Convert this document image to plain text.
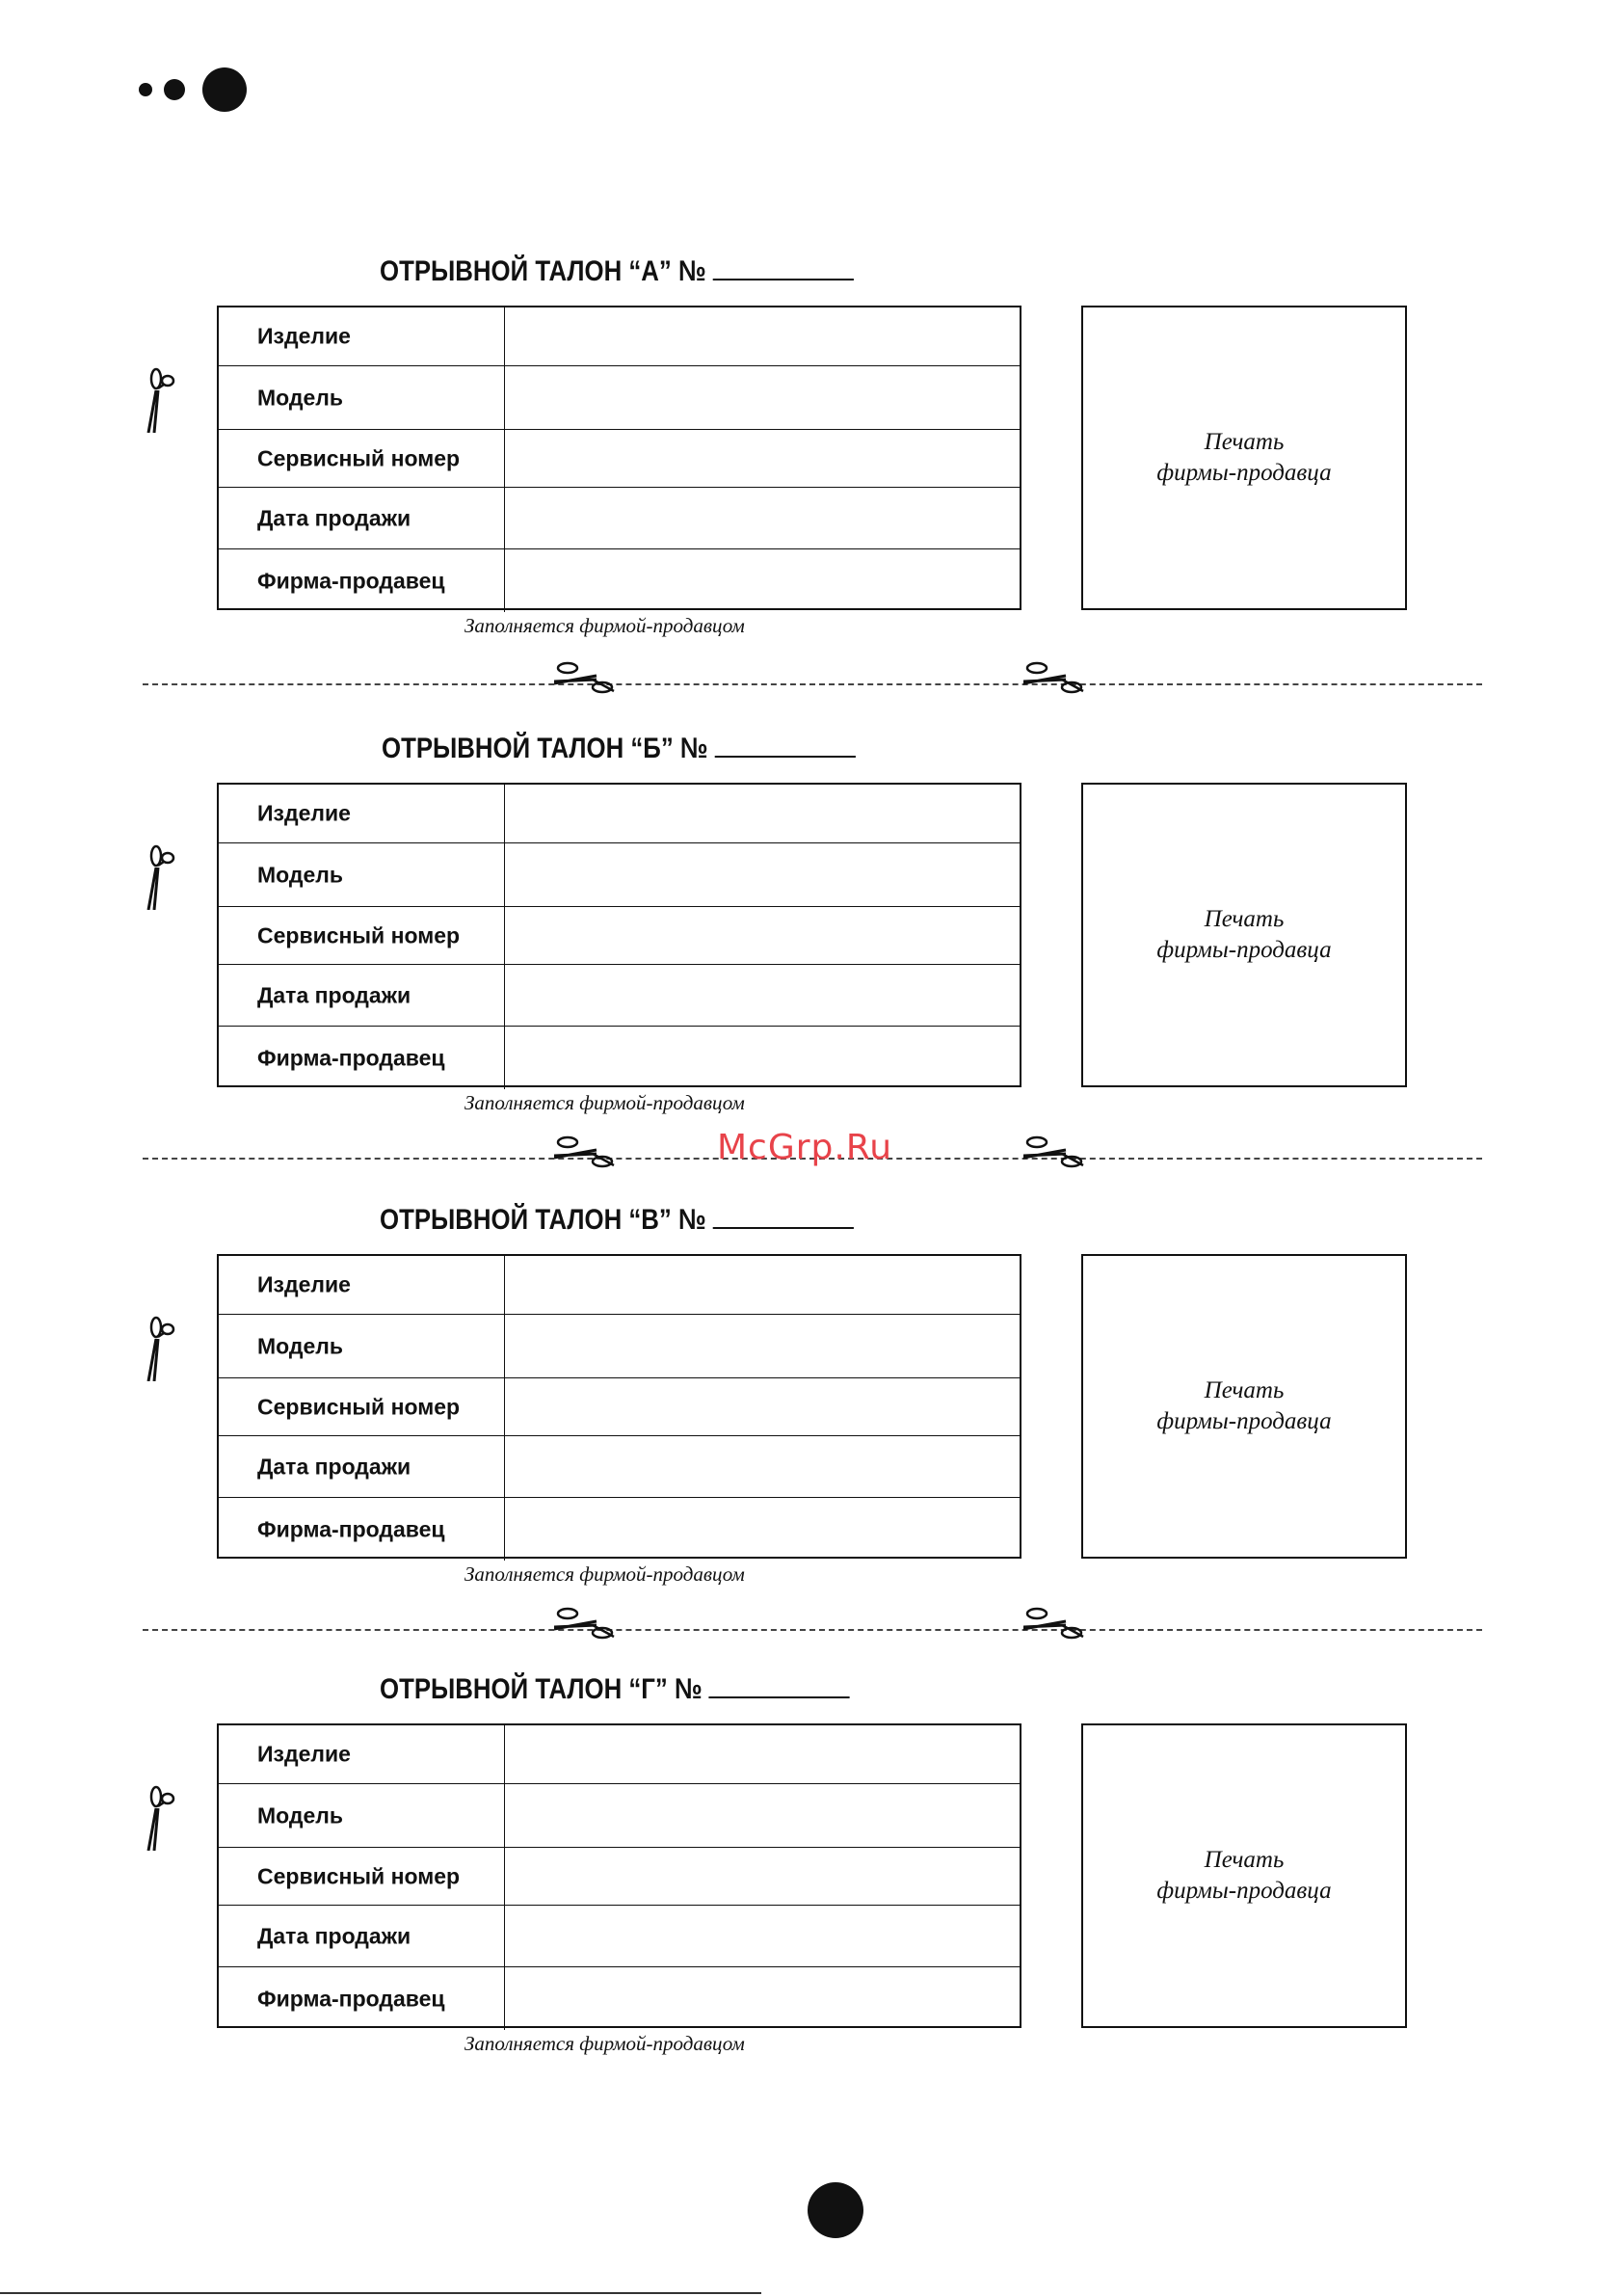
ОТРЫВНОЙ ТАЛОН “А” №
Изделие
Модель
Сервисный номер
Дата продажи
Фирма-продавец
Печать
фирмы-продавца
Заполняется фирмой-продавцом
ОТРЫВНОЙ ТАЛОН “Б” №
Изделие
Модель
Сервисный номер
Дата продажи
Фирма-продавец
Печать
фирмы-продавца
Заполняется фирмой-продавцом
ОТРЫВНОЙ ТАЛОН “В” №
Изделие
Модель
Сервисный номер
Дата продажи
Фирма-продавец
Печать
фирмы-продавца
Заполняется фирмой-продавцом
ОТРЫВНОЙ ТАЛОН “Г” №
Изделие
Модель
Сервисный номер
Дата продажи
Фирма-продавец
Печать
фирмы-продавца
Заполняется фирмой-продавцом
McGrp.Ru
